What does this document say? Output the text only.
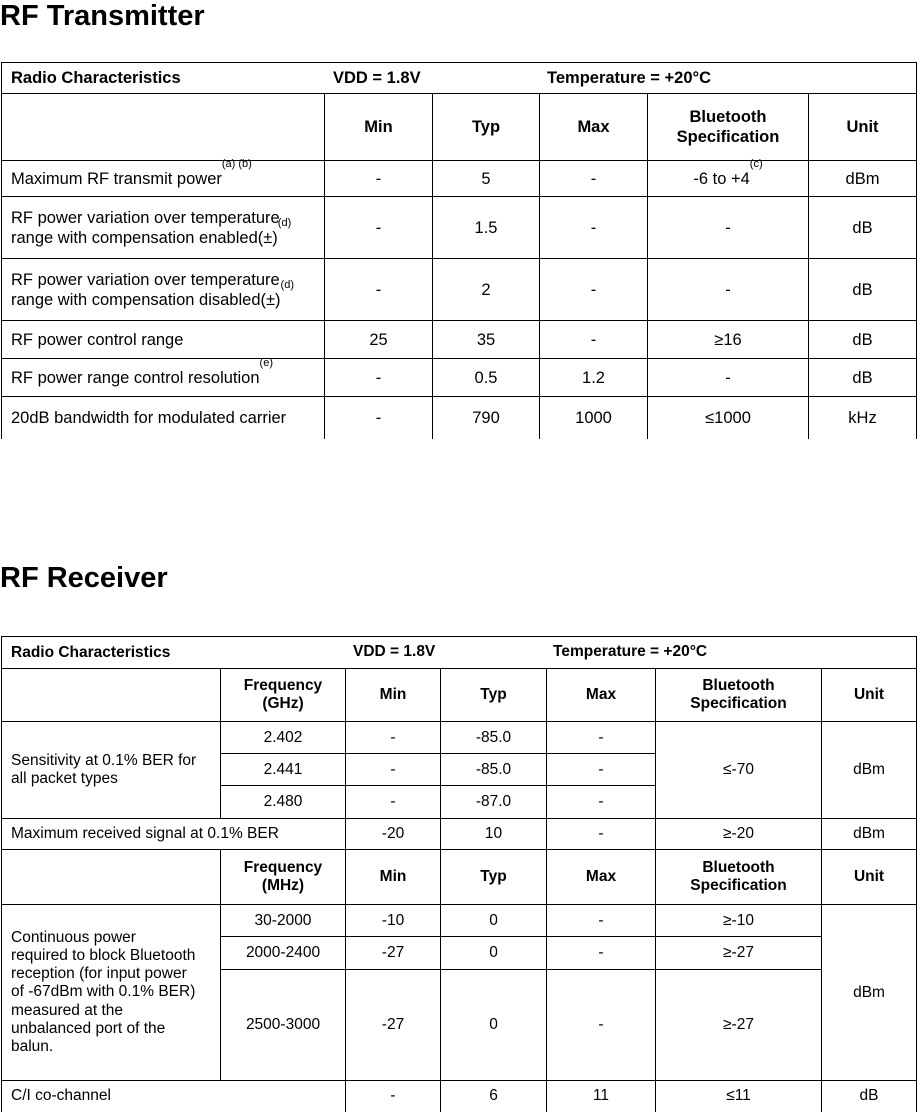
RF Transmitter
Radio Characteristics VDD = 1.8V Temperature = +20°C					

	Min	Typ	Max	Bluetooth Specification	Unit
Maximum RF transmit power$^{(a) (b)}$	-	5	-	-6 to $+4^{(c)}$	dBm
RF power variation over temperature range with compensation $enabled(\pm)^{(d)}$	-	1.5	-	-	dB
RF power variation over temperature range with compensation $disabled(\pm)^{(d)}$	-	2	-	-	dB
RF power control range	25	35	-	≥16	dB
RF power range control resolution$^{(e)}$	-	0.5	1.2	-	dB
20dB bandwidth for modulated carrier	-	790	1000	≤1000	kHz
RF Receiver
Radio Characteristics VDD = 1.8V Temperature = +20°C						

	Frequency (GHz)	Min	Typ	Max	Bluetooth Specification	Unit
Sensitivity at 0.1% BER for all packet types	2.402	-	-85.0	-	≤-70	dBm
	2.441	-	-85.0	-		
	2.480	-	-87.0	-		
Maximum received signal at 0.1% BER		-20	10	-	≥-20	dBm
	Frequency (MHz)	Min	Typ	Max	Bluetooth Specification	Unit
Continuous power required to block Bluetooth reception (for input power of -67dBm with 0.1% BER) measured at the unbalanced port of the balun.	30-2000	-10	0	-	≥-10	dBm
	2000-2400	-27	0	-	≥-27	
	2500-3000	-27	0	-	≥-27	
C/I co-channel		-	6	11	≤11	dB
